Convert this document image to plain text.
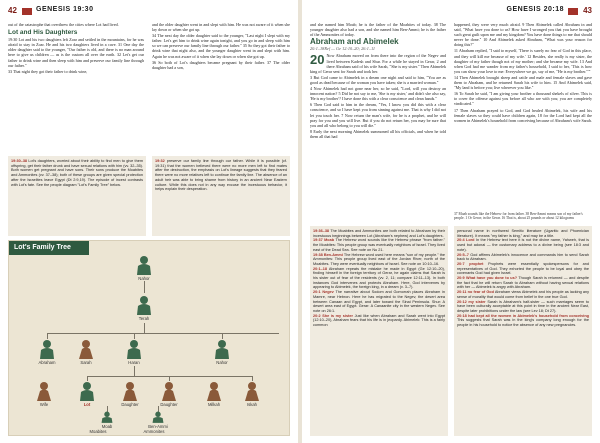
42	GENESIS 19:30

out of the catastrophe that overthrew the cities where Lot had lived.

Lot and His Daughters

19:30 Lot and his two daughters left Zoar and settled in the mountains, for he was afraid to stay in Zoar. He and his two daughters lived in a cave. 31 One day the older daughter said to the younger, "Our father is old, and there is no man around here to give us children — as is the custom all over the earth. 32 Let's get our father to drink wine and then sleep with him and preserve our family line through our father."

33 That night they got their father to drink wine,

and the older daughter went in and slept with him. He was not aware of it when she lay down or when she got up.

34 The next day the older daughter said to the younger, "Last night I slept with my father. Let's get him to drink wine again tonight, and you go in and sleep with him so we can preserve our family line through our father." 35 So they got their father to drink wine that night also, and the younger daughter went in and slept with him. Again he was not aware of it when she lay down or when she got up.

36 So both of Lot's daughters became pregnant by their father. 37 The older daughter had a son,

19:30–38 Lot's daughters, worried about their ability to find men to give them offspring, get their father drunk and have sexual relations with him (vv. 32–35). Both women get pregnant and have sons. Their sons produce the Moabites and Ammonites (vv. 37–38); both of these groups are given special protection after the Israelites leave Egypt (Dt 2:9,19). The episode of incest contrasts with Lot's fate. See the people diagram "Lot's Family Tree" below.
19:32 preserve our family line through our father. While it is possible (cf. 19:31) that the women believed there were no more men left to find mates after the destruction, the emphasis on Lot's lineage suggests that they feared there were no more relatives left to continue the family line. The absence of an adult heir was able to bring shame from history in an ancient Near Eastern culture. While this does not in any way excuse the incestuous behavior, it helps explain their desperation.
Lot's Family Tree
Nahor
Terah
Abraham	Sarah	Haran	Nahor
Wife	Lot	Daughter	Daughter	Milkah	Iskah
Moab	Ben-Ammi
Moabites	Ammonites
GENESIS 20:18 43

and she named him Moab; he is the father of the Moabites of today. 38 The younger daughter also had a son, and she named him Ben-Ammi; he is the father of the Ammonites of today.

Abraham and Abimelek
20:1–18Ref — Ge 12:10–20; 26:1–11

20 Now Abraham moved on from there into the region of the Negev and lived between Kadesh and Shur. For a while he stayed in Gerar, 2 and there Abraham said of his wife Sarah, "She is my sister." Then Abimelek king of Gerar sent for Sarah and took her.

3 But God came to Abimelek in a dream one night and said to him, "You are as good as dead because of the woman you have taken; she is a married woman."

4 Now Abimelek had not gone near her, so he said, "Lord, will you destroy an innocent nation? 5 Did he not say to me, 'She is my sister,' and didn't she also say, 'He is my brother'? I have done this with a clear conscience and clean hands."

6 Then God said to him in the dream, "Yes, I know you did this with a clear conscience, and so I have kept you from sinning against me. That is why I did not let you touch her. 7 Now return the man's wife, for he is a prophet, and he will pray for you and you will live. But if you do not return her, you may be sure that you and all who belong to you will die."

8 Early the next morning Abimelek summoned all his officials, and when he told them all that had

happened, they were very much afraid. 9 Then Abimelek called Abraham in and said, "What have you done to us? How have I wronged you that you have brought such great guilt upon me and my kingdom? You have done things to me that should never be done." 10 And Abimelek asked Abraham, "What was your reason for doing this?"

11 Abraham replied, "I said to myself, 'There is surely no fear of God in this place, and they will kill me because of my wife.' 12 Besides, she really is my sister, the daughter of my father though not of my mother; and she became my wife. 13 And when God had me wander from my father's household, I said to her, 'This is how you can show your love to me: Everywhere we go, say of me, "He is my brother."'"

14 Then Abimelek brought sheep and cattle and male and female slaves and gave them to Abraham, and he returned Sarah his wife to him. 15 And Abimelek said, "My land is before you; live wherever you like."

16 To Sarah he said, "I am giving your brother a thousand shekels of silver. This is to cover the offense against you before all who are with you; you are completely vindicated."

17 Then Abraham prayed to God, and God healed Abimelek, his wife and his female slaves so they could have children again, 18 for the Lord had kept all the women in Abimelek's household from conceiving because of Abraham's wife Sarah.

37 Moab sounds like the Hebrew for from father. 38 Ben-Ammi means son of my father's people. 1 Or Gerar; in the Gerar. 16 That is, about 25 pounds or about 12 kilograms
19:36–38 The Moabites and Ammonites are both related to Abraham by their incestuous beginnings between Lot (Abraham's nephew) and Lot's daughters.
19:37 Moab The Hebrew word sounds like the Hebrew phrase "from father." the Moabites: This people group was eventually neighbors of Israel. They lived east of the Dead Sea. See note on Nu 21.
19:38 Ben-Ammi The Hebrew word used here means "son of my people." the Ammonites: This people group lived east of the Jordan River, north of the Moabites. They were eventually neighbors of Israel. See note on 10:10–16.
20:1–18 Abraham repeats the mistake he made in Egypt (Ge 12:10–20), finding himself in the foreign territory of Gerar, he again claims that Sarah is his sister out of fear of the residents (vv. 2, 11; compare 12:11–13). In both instances God intervenes and protects Abraham. Here, God intervenes by appearing to Abimelek, the foreign king, in a dream (v. 3–7).
20:1 Negev The narrative about Sodom and Gomorrah places Abraham in Mamre, near Hebron. Here he has migrated to the Negev, the desert area between Canaan and Egypt, and later toward the Sinai Peninsula. Shur: A desert area east of Egypt. Gerar: A Canaanite city in the western Negev. See note on 26:1.
20:2 She is my sister Just like when Abraham and Sarah went into Egypt (12:10–20), Abraham fears that his life is in jeopardy. Abimelek: This is a fairly common
personal name in northwest Semitic literature (Ugaritic and Phoenician literature). It means "my father is king," and may be a title.
20:4 Lord In the Hebrew text here it is not the divine name, Yahweh, that is used but adonai — the customary address to a divine being (see 18:3 and note).
20:5–7 God affirms Abimelek's innocence and commands him to send Sarah back to Abraham.
20:7 prophet Prophets were essentially spokespersons for and representatives of God. They exhorted the people to be loyal and obey the covenants God had given Israel.
20:9 What have you done to us? Though Sarah is returned — and despite the fact that he will return Sarah to Abraham without having sexual relations with her — Abimelek is angry with Abraham.
20:11 no fear of God Abraham views Abimelek and his people as lacking any sense of morality that would come from belief in the one true God.
20:12 my sister Sarah is Abraham's half-sister — such marriages seem to have been culturally acceptable at this point in time in the ancient Near East, despite later prohibitions under the law (see Lev 18; Dt 27).
20:18 had kept all the women in Abimelek's household from conceiving This suggests that Sarah was in the king's company long enough for the people in his household to notice the absence of any new pregnancies.
